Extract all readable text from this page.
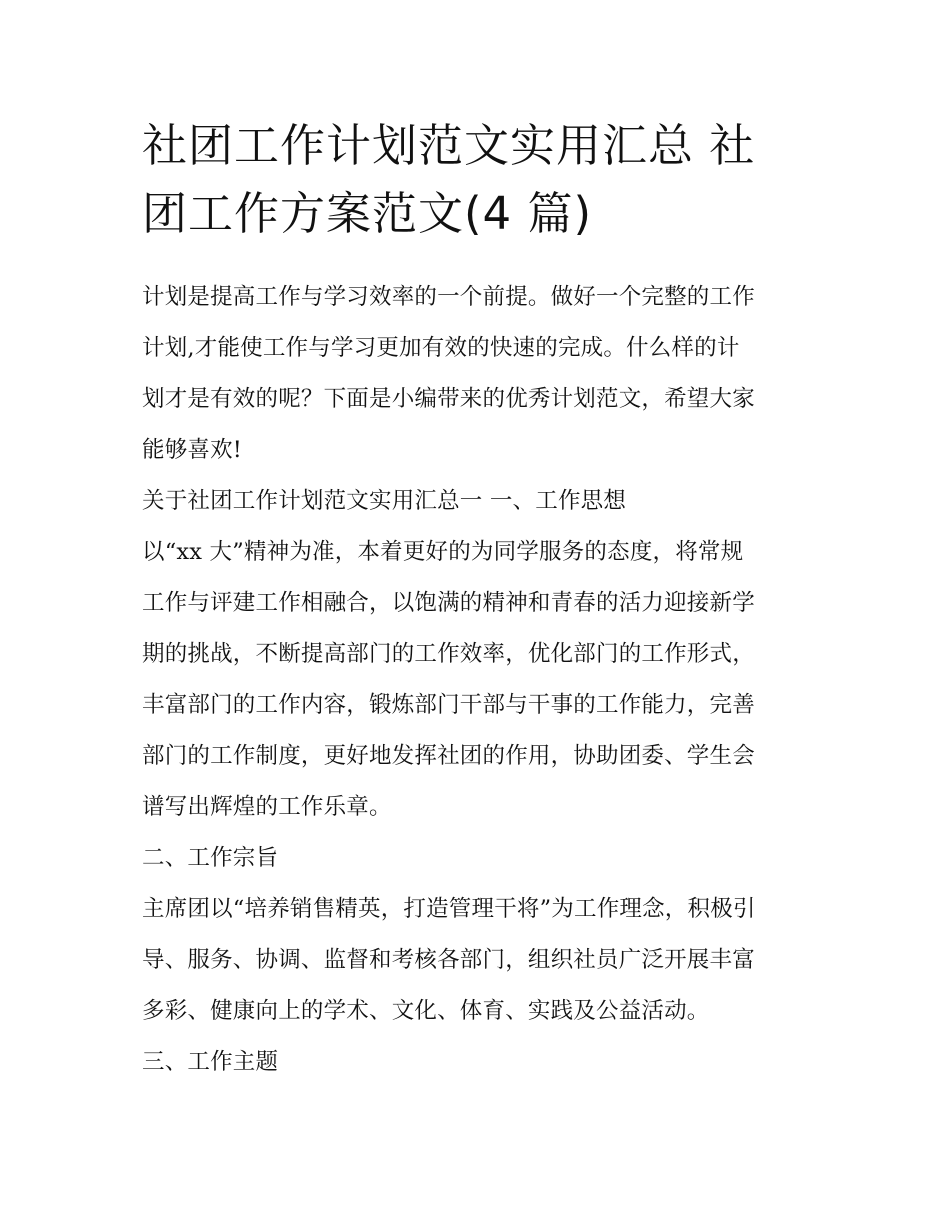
社团工作计划范文实用汇总 社
团工作方案范文(4 篇)
计划是提高工作与学习效率的一个前提。做好一个完整的工作
计划,才能使工作与学习更加有效的快速的完成。什么样的计
划才是有效的呢？下面是小编带来的优秀计划范文，希望大家
能够喜欢!
关于社团工作计划范文实用汇总一 一、工作思想
以“xx 大”精神为准，本着更好的为同学服务的态度，将常规
工作与评建工作相融合，以饱满的精神和青春的活力迎接新学
期的挑战，不断提高部门的工作效率，优化部门的工作形式，
丰富部门的工作内容，锻炼部门干部与干事的工作能力，完善
部门的工作制度，更好地发挥社团的作用，协助团委、学生会
谱写出辉煌的工作乐章。
二、工作宗旨
主席团以“培养销售精英，打造管理干将”为工作理念，积极引
导、服务、协调、监督和考核各部门，组织社员广泛开展丰富
多彩、健康向上的学术、文化、体育、实践及公益活动。
三、工作主题
